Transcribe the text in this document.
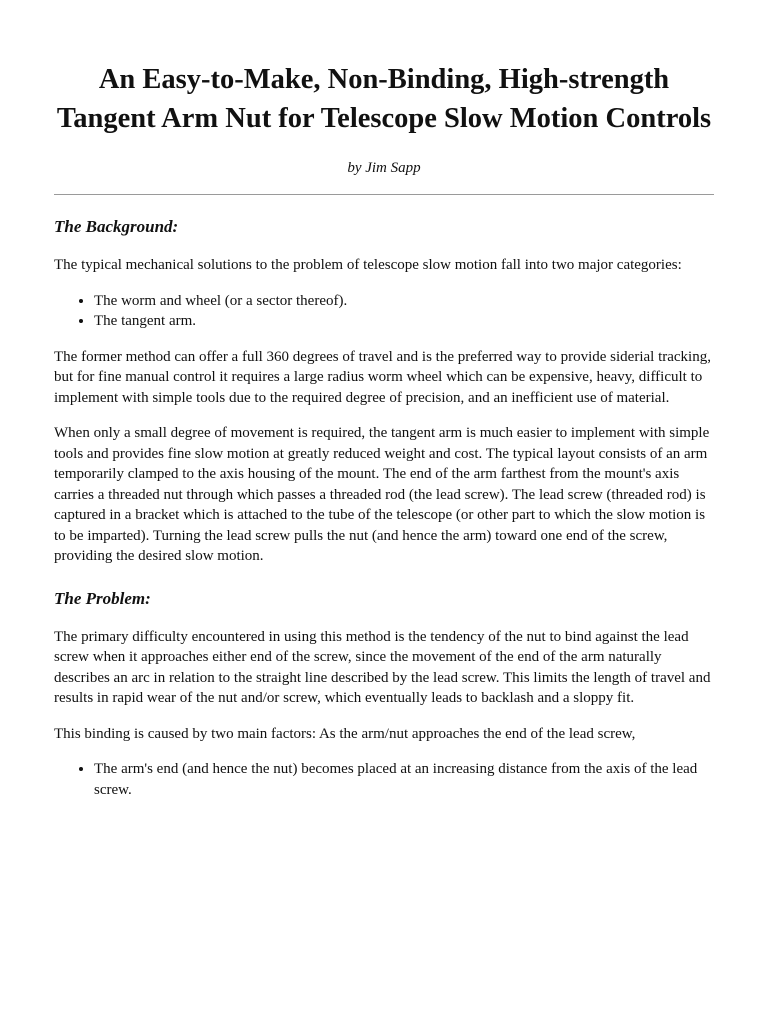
An Easy-to-Make, Non-Binding, High-strength Tangent Arm Nut for Telescope Slow Motion Controls
by Jim Sapp
The Background:

The typical mechanical solutions to the problem of telescope slow motion fall into two major categories:

• The worm and wheel (or a sector thereof).
• The tangent arm.

The former method can offer a full 360 degrees of travel and is the preferred way to provide siderial tracking, but for fine manual control it requires a large radius worm wheel which can be expensive, heavy, difficult to implement with simple tools due to the required degree of precision, and an inefficient use of material.

When only a small degree of movement is required, the tangent arm is much easier to implement with simple tools and provides fine slow motion at greatly reduced weight and cost. The typical layout consists of an arm temporarily clamped to the axis housing of the mount. The end of the arm farthest from the mount's axis carries a threaded nut through which passes a threaded rod (the lead screw). The lead screw (threaded rod) is captured in a bracket which is attached to the tube of the telescope (or other part to which the slow motion is to be imparted). Turning the lead screw pulls the nut (and hence the arm) toward one end of the screw, providing the desired slow motion.

The Problem:

The primary difficulty encountered in using this method is the tendency of the nut to bind against the lead screw when it approaches either end of the screw, since the movement of the end of the arm naturally describes an arc in relation to the straight line described by the lead screw. This limits the length of travel and results in rapid wear of the nut and/or screw, which eventually leads to backlash and a sloppy fit.

This binding is caused by two main factors: As the arm/nut approaches the end of the lead screw,

• The arm's end (and hence the nut) becomes placed at an increasing distance from the axis of the lead screw.
